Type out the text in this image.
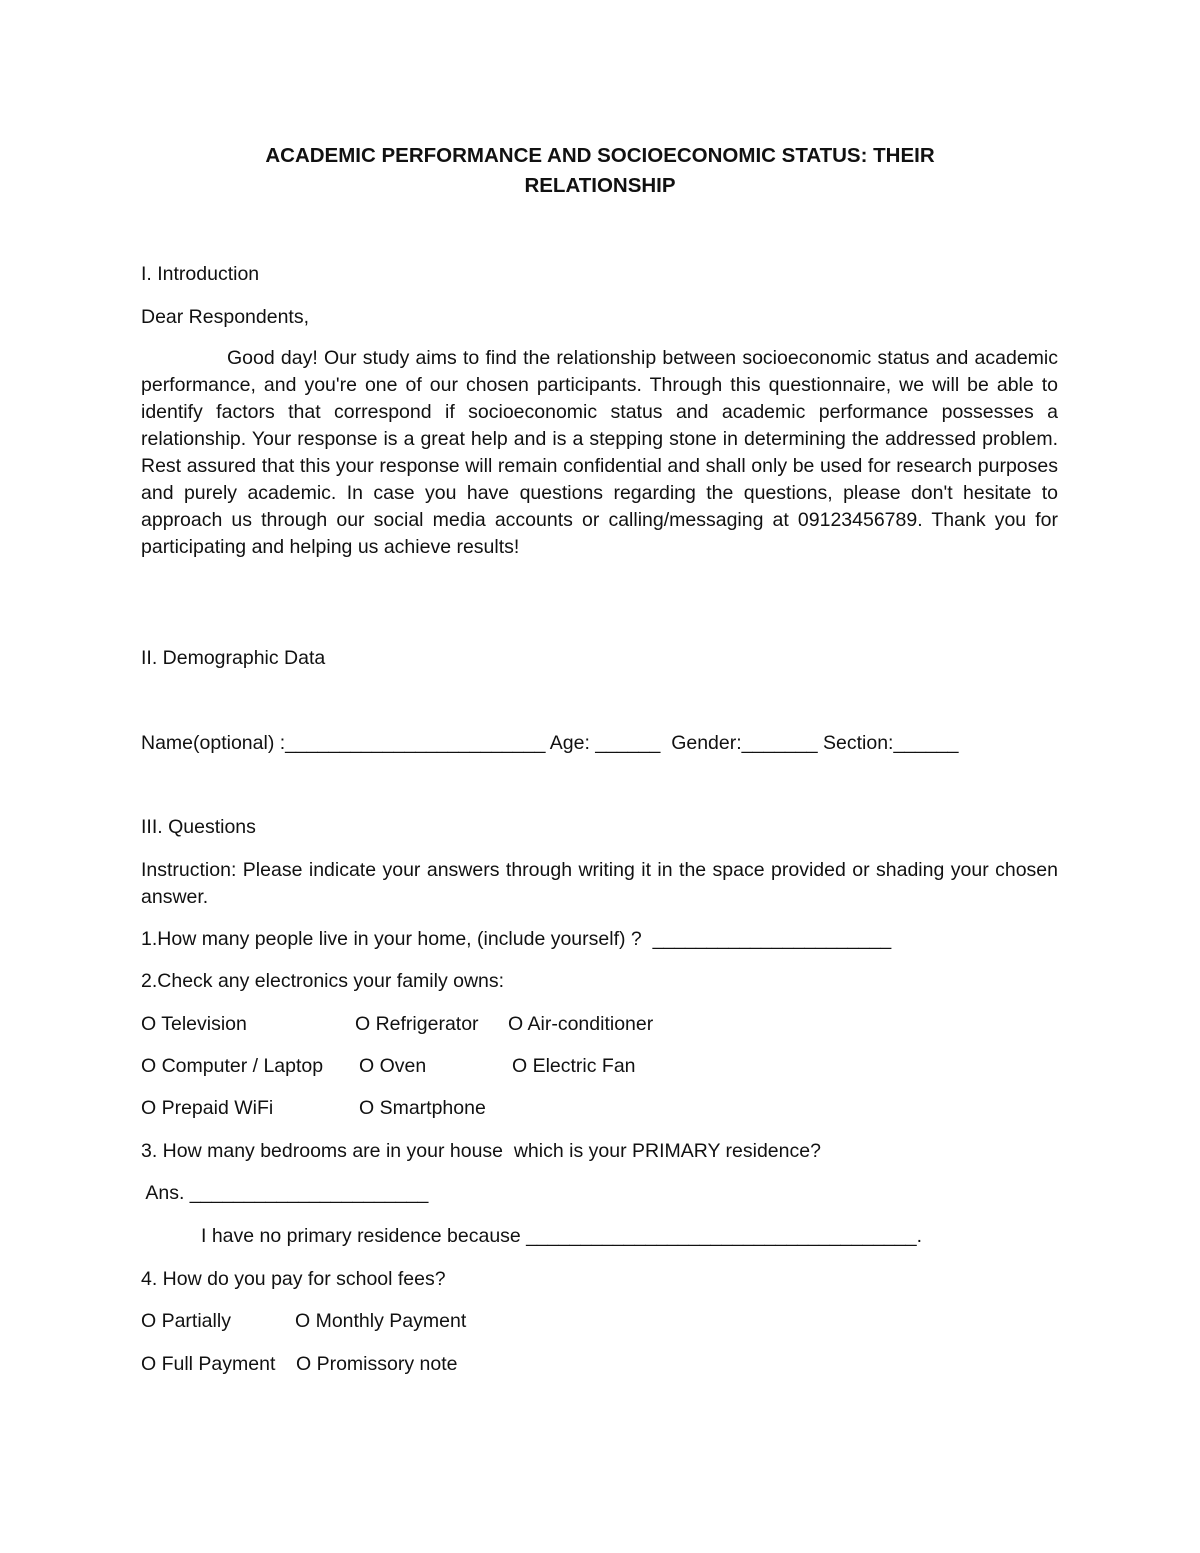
ACADEMIC PERFORMANCE AND SOCIOECONOMIC STATUS: THEIR
RELATIONSHIP
I. Introduction
Dear Respondents,
Good day! Our study aims to find the relationship between socioeconomic status and academic performance, and you're one of our chosen participants. Through this questionnaire, we will be able to identify factors that correspond if socioeconomic status and academic performance possesses a relationship. Your response is a great help and is a stepping stone in determining the addressed problem. Rest assured that this your response will remain confidential and shall only be used for research purposes and purely academic. In case you have questions regarding the questions, please don't hesitate to approach us through our social media accounts or calling/messaging at 09123456789. Thank you for participating and helping us achieve results!
II. Demographic Data
Name(optional) :________________________ Age: ______  Gender:_______ Section:______
III. Questions
Instruction: Please indicate your answers through writing it in the space provided or shading your chosen answer.
1.How many people live in your home, (include yourself) ?  ______________________
2.Check any electronics your family owns:
O Television	O Refrigerator O Air-conditioner
O Computer / Laptop O Oven	O Electric Fan
O Prepaid WiFi	O Smartphone
3. How many bedrooms are in your house  which is your PRIMARY residence?
Ans. ______________________
I have no primary residence because ____________________________________.
4. How do you pay for school fees?
O Partially	O Monthly Payment
O Full Payment O Promissory note
